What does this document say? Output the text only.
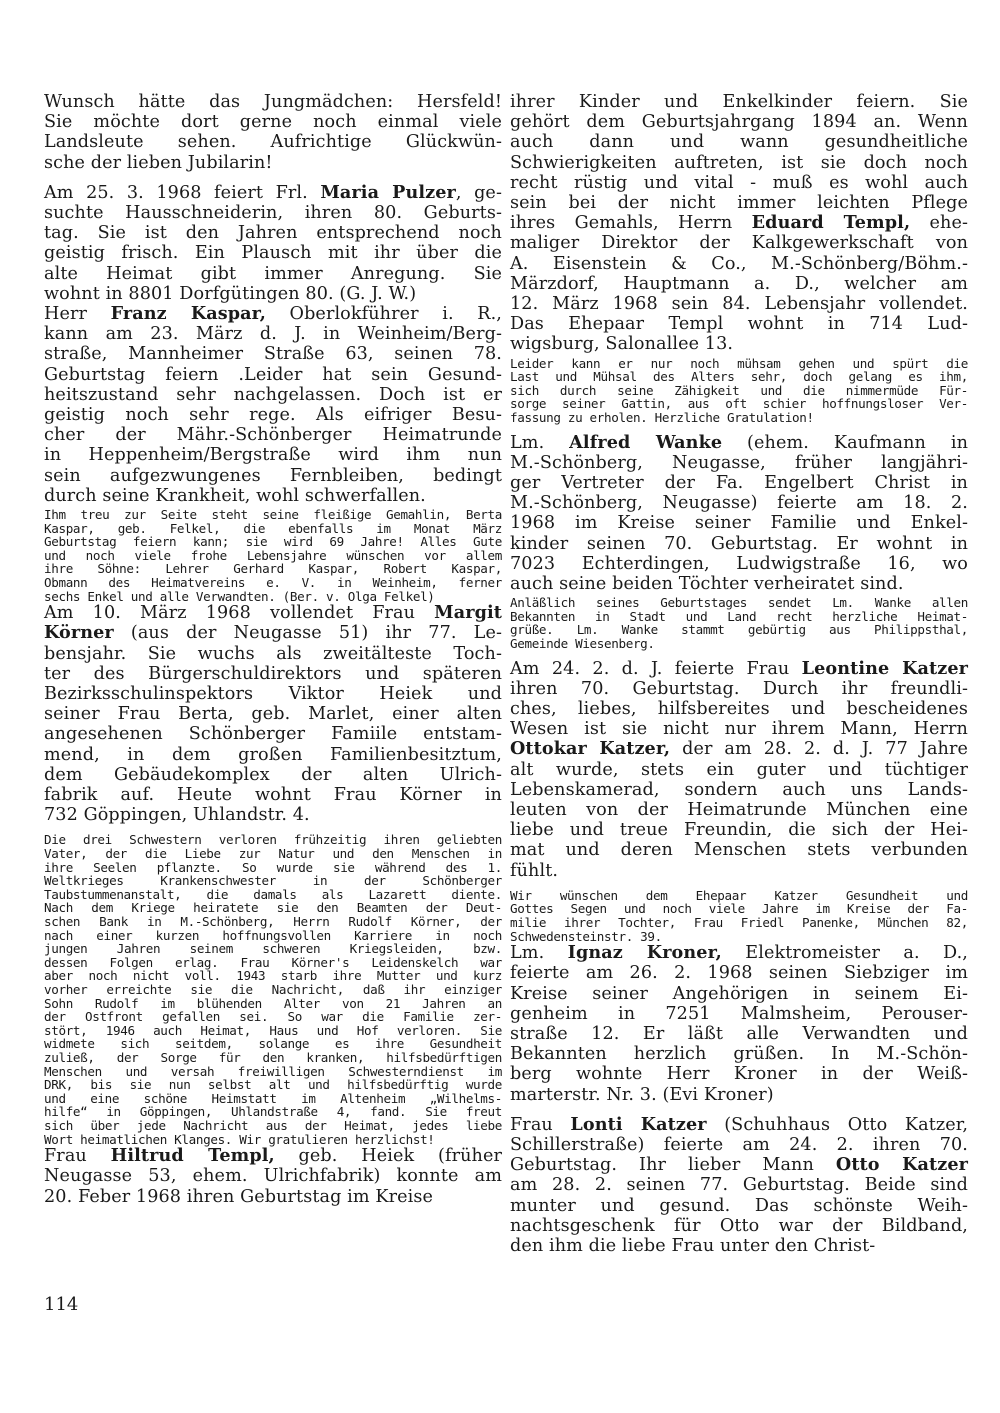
Wunsch hätte das Jungmädchen: Hersfeld!
Sie möchte dort gerne noch einmal viele
Landsleute sehen. Aufrichtige Glückwün-
sche der lieben Jubilarin!
Am 25. 3. 1968 feiert Frl. Maria Pulzer, ge-
suchte Hausschneiderin, ihren 80. Geburts-
tag. Sie ist den Jahren entsprechend noch
geistig frisch. Ein Plausch mit ihr über die
alte Heimat gibt immer Anregung. Sie
wohnt in 8801 Dorfgütingen 80. (G. J. W.)
Herr Franz Kaspar, Oberlokführer i. R.,
kann am 23. März d. J. in Weinheim/Berg-
straße, Mannheimer Straße 63, seinen 78.
Geburtstag feiern .Leider hat sein Gesund-
heitszustand sehr nachgelassen. Doch ist er
geistig noch sehr rege. Als eifriger Besu-
cher der Mähr.-Schönberger Heimatrunde
in Heppenheim/Bergstraße wird ihm nun
sein aufgezwungenes Fernbleiben, bedingt
durch seine Krankheit, wohl schwerfallen.
Ihm treu zur Seite steht seine fleißige Gemahlin, Berta
Kaspar, geb. Felkel, die ebenfalls im Monat März
Geburtstag feiern kann; sie wird 69 Jahre! Alles Gute
und noch viele frohe Lebensjahre wünschen vor allem
ihre Söhne: Lehrer Gerhard Kaspar, Robert Kaspar,
Obmann des Heimatvereins e. V. in Weinheim, ferner
sechs Enkel und alle Verwandten. (Ber. v. Olga Felkel)
Am 10. März 1968 vollendet Frau Margit
Körner (aus der Neugasse 51) ihr 77. Le-
bensjahr. Sie wuchs als zweitälteste Toch-
ter des Bürgerschuldirektors und späteren
Bezirksschulinspektors Viktor Heiek und
seiner Frau Berta, geb. Marlet, einer alten
angesehenen Schönberger Famiile entstam-
mend, in dem großen Familienbesitztum,
dem Gebäudekomplex der alten Ulrich-
fabrik auf. Heute wohnt Frau Körner in
732 Göppingen, Uhlandstr. 4.
Die drei Schwestern verloren frühzeitig ihren geliebten
Vater, der die Liebe zur Natur und den Menschen in
ihre Seelen pflanzte. So wurde sie während des 1.
Weltkrieges Krankenschwester in der Schönberger
Taubstummenanstalt, die damals als Lazarett diente.
Nach dem Kriege heiratete sie den Beamten der Deut-
schen Bank in M.-Schönberg, Herrn Rudolf Körner, der
nach einer kurzen hoffnungsvollen Karriere in noch
jungen Jahren seinem schweren Kriegsleiden, bzw.
dessen Folgen erlag. Frau Körner's Leidenskelch war
aber noch nicht voll. 1943 starb ihre Mutter und kurz
vorher erreichte sie die Nachricht, daß ihr einziger
Sohn Rudolf im blühenden Alter von 21 Jahren an
der Ostfront gefallen sei. So war die Familie zer-
stört, 1946 auch Heimat, Haus und Hof verloren. Sie
widmete sich seitdem, solange es ihre Gesundheit
zuließ, der Sorge für den kranken, hilfsbedürftigen
Menschen und versah freiwilligen Schwesterndienst im
DRK, bis sie nun selbst alt und hilfsbedürftig wurde
und eine schöne Heimstatt im Altenheim „Wilhelms-
hilfe“ in Göppingen, Uhlandstraße 4, fand. Sie freut
sich über jede Nachricht aus der Heimat, jedes liebe
Wort heimatlichen Klanges. Wir gratulieren herzlichst!
Frau Hiltrud Templ, geb. Heiek (früher
Neugasse 53, ehem. Ulrichfabrik) konnte am
20. Feber 1968 ihren Geburtstag im Kreise
ihrer Kinder und Enkelkinder feiern. Sie
gehört dem Geburtsjahrgang 1894 an. Wenn
auch dann und wann gesundheitliche
Schwierigkeiten auftreten, ist sie doch noch
recht rüstig und vital - muß es wohl auch
sein bei der nicht immer leichten Pflege
ihres Gemahls, Herrn Eduard Templ, ehe-
maliger Direktor der Kalkgewerkschaft von
A. Eisenstein & Co., M.-Schönberg/Böhm.-
Märzdorf, Hauptmann a. D., welcher am
12. März 1968 sein 84. Lebensjahr vollendet.
Das Ehepaar Templ wohnt in 714 Lud-
wigsburg, Salonallee 13.
Leider kann er nur noch mühsam gehen und spürt die
Last und Mühsal des Alters sehr, doch gelang es ihm,
sich durch seine Zähigkeit und die nimmermüde Für-
sorge seiner Gattin, aus oft schier hoffnungsloser Ver-
fassung zu erholen. Herzliche Gratulation!
Lm. Alfred Wanke (ehem. Kaufmann in
M.-Schönberg, Neugasse, früher langjähri-
ger Vertreter der Fa. Engelbert Christ in
M.-Schönberg, Neugasse) feierte am 18. 2.
1968 im Kreise seiner Familie und Enkel-
kinder seinen 70. Geburtstag. Er wohnt in
7023 Echterdingen, Ludwigstraße 16, wo
auch seine beiden Töchter verheiratet sind.
Anläßlich seines Geburtstages sendet Lm. Wanke allen
Bekannten in Stadt und Land recht herzliche Heimat-
grüße. Lm. Wanke stammt gebürtig aus Philippsthal,
Gemeinde Wiesenberg.
Am 24. 2. d. J. feierte Frau Leontine Katzer
ihren 70. Geburtstag. Durch ihr freundli-
ches, liebes, hilfsbereites und bescheidenes
Wesen ist sie nicht nur ihrem Mann, Herrn
Ottokar Katzer, der am 28. 2. d. J. 77 Jahre
alt wurde, stets ein guter und tüchtiger
Lebenskamerad, sondern auch uns Lands-
leuten von der Heimatrunde München eine
liebe und treue Freundin, die sich der Hei-
mat und deren Menschen stets verbunden
fühlt.
Wir wünschen dem Ehepaar Katzer Gesundheit und
Gottes Segen und noch viele Jahre im Kreise der Fa-
milie ihrer Tochter, Frau Friedl Panenke, München 82,
Schwedensteinstr. 39.
Lm. Ignaz Kroner, Elektromeister a. D.,
feierte am 26. 2. 1968 seinen Siebziger im
Kreise seiner Angehörigen in seinem Ei-
genheim in 7251 Malmsheim, Perouser-
straße 12. Er läßt alle Verwandten und
Bekannten herzlich grüßen. In M.-Schön-
berg wohnte Herr Kroner in der Weiß-
marterstr. Nr. 3. (Evi Kroner)
Frau Lonti Katzer (Schuhhaus Otto Katzer,
Schillerstraße) feierte am 24. 2. ihren 70.
Geburtstag. Ihr lieber Mann Otto Katzer
am 28. 2. seinen 77. Geburtstag. Beide sind
munter und gesund. Das schönste Weih-
nachtsgeschenk für Otto war der Bildband,
den ihm die liebe Frau unter den Christ-
114
